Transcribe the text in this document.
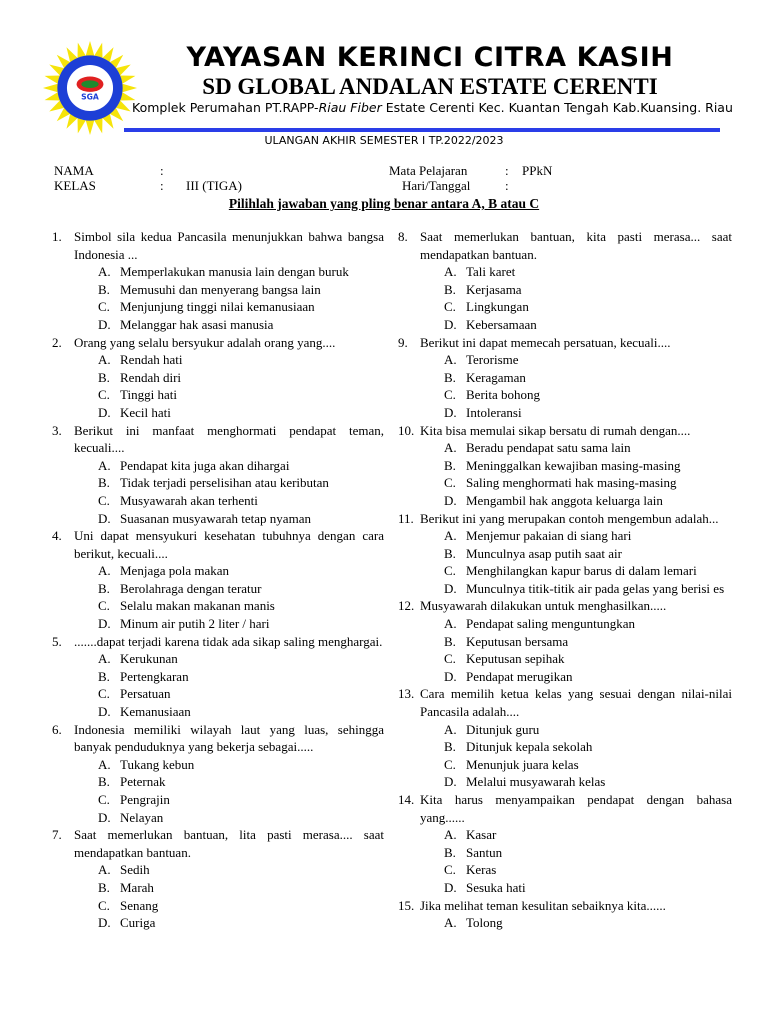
SGA
YAYASAN KERINCI CITRA KASIH
SD GLOBAL ANDALAN ESTATE CERENTI
Komplek Perumahan PT.RAPP-Riau Fiber Estate Cerenti Kec. Kuantan Tengah Kab.Kuansing. Riau
ULANGAN AKHIR SEMESTER I TP.2022/2023
NAMA	:
KELAS	: III (TIGA)
Mata Pelajaran	: PPkN
Hari/Tanggal	:
Pilihlah jawaban yang pling benar antara A, B atau C
1. Simbol sila kedua Pancasila menunjukkan bahwa bangsa Indonesia ...
A. Memperlakukan manusia lain dengan buruk
B. Memusuhi dan menyerang bangsa lain
C. Menjunjung tinggi nilai kemanusiaan
D. Melanggar hak asasi manusia
2. Orang yang selalu bersyukur adalah orang yang....
A. Rendah hati
B. Rendah diri
C. Tinggi hati
D. Kecil hati
3. Berikut ini manfaat menghormati pendapat teman, kecuali....
A. Pendapat kita juga akan dihargai
B. Tidak terjadi perselisihan atau keributan
C. Musyawarah akan terhenti
D. Suasanan musyawarah tetap nyaman
4. Uni dapat mensyukuri kesehatan tubuhnya dengan cara berikut, kecuali....
A. Menjaga pola makan
B. Berolahraga dengan teratur
C. Selalu makan makanan manis
D. Minum air putih 2 liter / hari
5. .......dapat terjadi karena tidak ada sikap saling menghargai.
A. Kerukunan
B. Pertengkaran
C. Persatuan
D. Kemanusiaan
6. Indonesia memiliki wilayah laut yang luas, sehingga banyak penduduknya yang bekerja sebagai.....
A. Tukang kebun
B. Peternak
C. Pengrajin
D. Nelayan
7. Saat memerlukan bantuan, lita pasti merasa.... saat mendapatkan bantuan.
A. Sedih
B. Marah
C. Senang
D. Curiga
8. Saat memerlukan bantuan, kita pasti merasa... saat mendapatkan bantuan.
A. Tali karet
B. Kerjasama
C. Lingkungan
D. Kebersamaan
9. Berikut ini dapat memecah persatuan, kecuali....
A. Terorisme
B. Keragaman
C. Berita bohong
D. Intoleransi
10. Kita bisa memulai sikap bersatu di rumah dengan....
A. Beradu pendapat satu sama lain
B. Meninggalkan kewajiban masing-masing
C. Saling menghormati hak masing-masing
D. Mengambil hak anggota keluarga lain
11. Berikut ini yang merupakan contoh mengembun adalah...
A. Menjemur pakaian di siang hari
B. Munculnya asap putih saat air
C. Menghilangkan kapur barus di dalam lemari
D. Munculnya titik-titik air pada gelas yang berisi es
12. Musyawarah dilakukan untuk menghasilkan.....
A. Pendapat saling menguntungkan
B. Keputusan bersama
C. Keputusan sepihak
D. Pendapat merugikan
13. Cara memilih ketua kelas yang sesuai dengan nilai-nilai Pancasila adalah....
A. Ditunjuk guru
B. Ditunjuk kepala sekolah
C. Menunjuk juara kelas
D. Melalui musyawarah kelas
14. Kita harus menyampaikan pendapat dengan bahasa yang......
A. Kasar
B. Santun
C. Keras
D. Sesuka hati
15. Jika melihat teman kesulitan sebaiknya kita......
A. Tolong
